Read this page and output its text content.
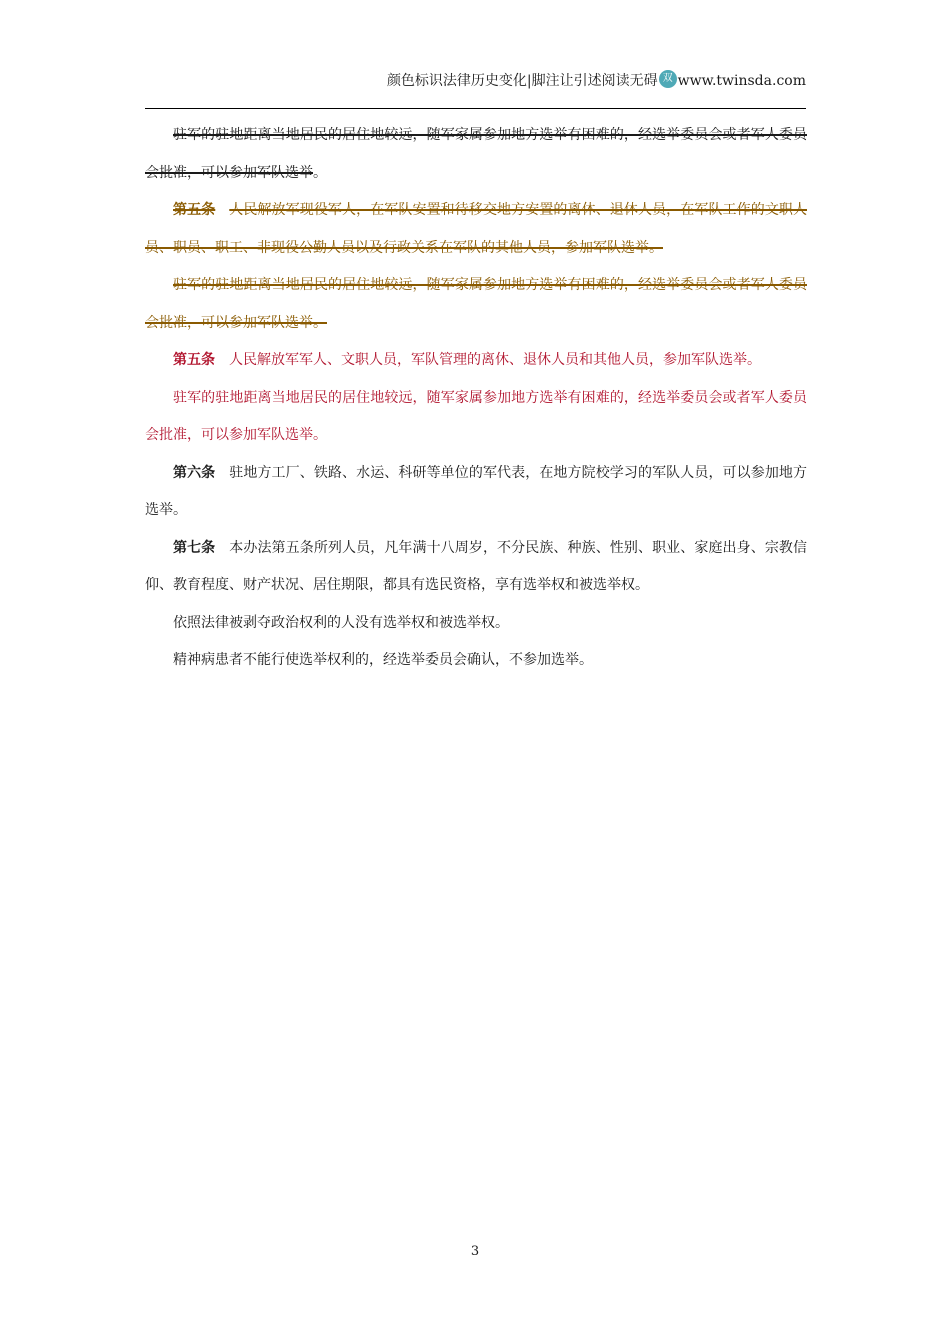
颜色标识法律历史变化|脚注让引述阅读无碍 双 www.twinsda.com

驻军的驻地距离当地居民的居住地较远，随军家属参加地方选举有困难的，经选举委员会或者军人委员会批准，可以参加军队选举。

第五条 人民解放军现役军人，在军队安置和待移交地方安置的离休、退休人员，在军队工作的文职人员、职员、职工、非现役公勤人员以及行政关系在军队的其他人员，参加军队选举。

驻军的驻地距离当地居民的居住地较远，随军家属参加地方选举有困难的，经选举委员会或者军人委员会批准，可以参加军队选举。

第五条 人民解放军军人、文职人员，军队管理的离休、退休人员和其他人员，参加军队选举。

驻军的驻地距离当地居民的居住地较远，随军家属参加地方选举有困难的，经选举委员会或者军人委员会批准，可以参加军队选举。

第六条 驻地方工厂、铁路、水运、科研等单位的军代表，在地方院校学习的军队人员，可以参加地方选举。

第七条 本办法第五条所列人员，凡年满十八周岁，不分民族、种族、性别、职业、家庭出身、宗教信仰、教育程度、财产状况、居住期限，都具有选民资格，享有选举权和被选举权。

依照法律被剥夺政治权利的人没有选举权和被选举权。

精神病患者不能行使选举权利的，经选举委员会确认，不参加选举。

3
